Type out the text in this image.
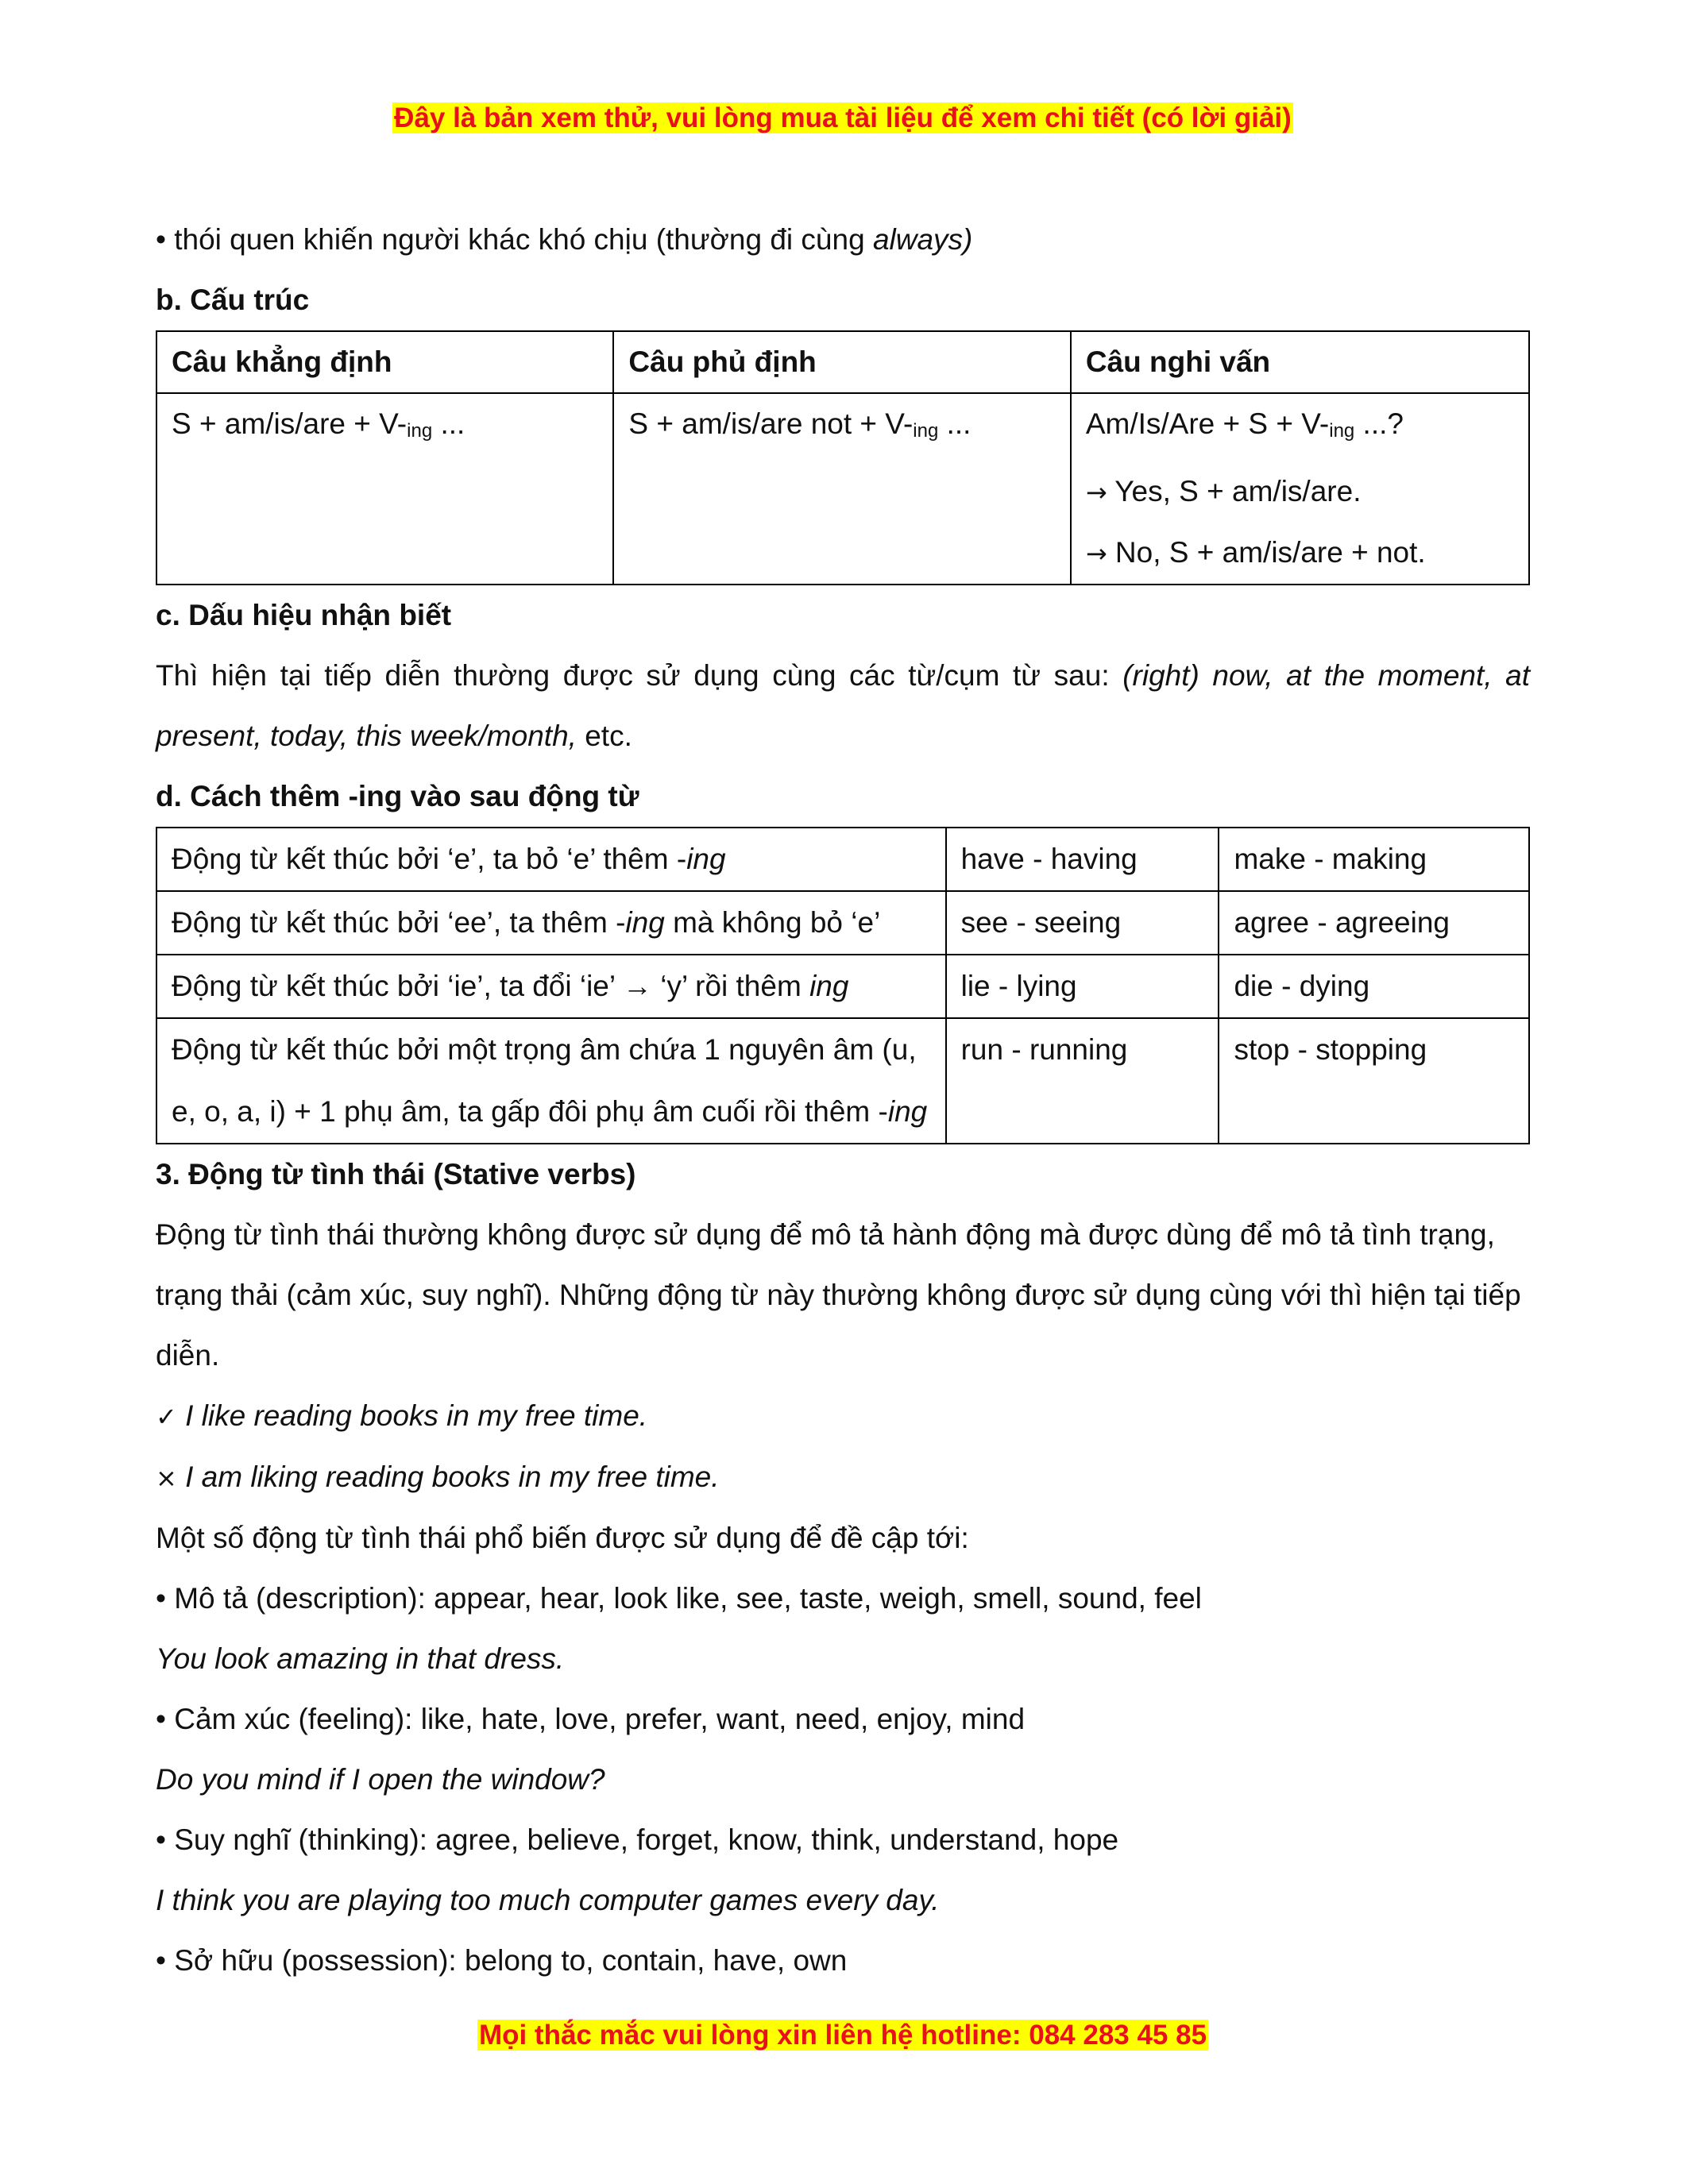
Đây là bản xem thử, vui lòng mua tài liệu để xem chi tiết (có lời giải)
• thói quen khiến người khác khó chịu (thường đi cùng always)
b. Cấu trúc
Câu khẳng định	Câu phủ định	Câu nghi vấn
$S + am/is/are + V-_{ing}$ ...	S + am/is/are not + $V-_{ing}$ ...	$Am/Is/Are + S + V-_{ing}$ ...?
→ Yes, S + am/is/are.
→ No, S + am/is/are + not.
c. Dấu hiệu nhận biết
Thì hiện tại tiếp diễn thường được sử dụng cùng các từ/cụm từ sau: (right) now, at the moment, at present, today, this week/month, etc.
d. Cách thêm -ing vào sau động từ
Động từ kết thúc bởi ‘e’, ta bỏ ‘e’ thêm -ing	have - having	make - making
Động từ kết thúc bởi ‘ee’, ta thêm -ing mà không bỏ ‘e’	see - seeing	agree - agreeing
Động từ kết thúc bởi ‘ie’, ta đổi ‘ie’ → ‘y’ rồi thêm ing	lie - lying	die - dying
Động từ kết thúc bởi một trọng âm chứa 1 nguyên âm (u, e, o, a, i) + 1 phụ âm, ta gấp đôi phụ âm cuối rồi thêm -ing	run - running	stop - stopping
3. Động từ tình thái (Stative verbs)
Động từ tình thái thường không được sử dụng để mô tả hành động mà được dùng để mô tả tình trạng, trạng thải (cảm xúc, suy nghĩ). Những động từ này thường không được sử dụng cùng với thì hiện tại tiếp diễn.
✓ I like reading books in my free time.
× I am liking reading books in my free time.
Một số động từ tình thái phổ biến được sử dụng để đề cập tới:
• Mô tả (description): appear, hear, look like, see, taste, weigh, smell, sound, feel
You look amazing in that dress.
• Cảm xúc (feeling): like, hate, love, prefer, want, need, enjoy, mind
Do you mind if I open the window?
• Suy nghĩ (thinking): agree, believe, forget, know, think, understand, hope
I think you are playing too much computer games every day.
• Sở hữu (possession): belong to, contain, have, own
Mọi thắc mắc vui lòng xin liên hệ hotline: 084 283 45 85
